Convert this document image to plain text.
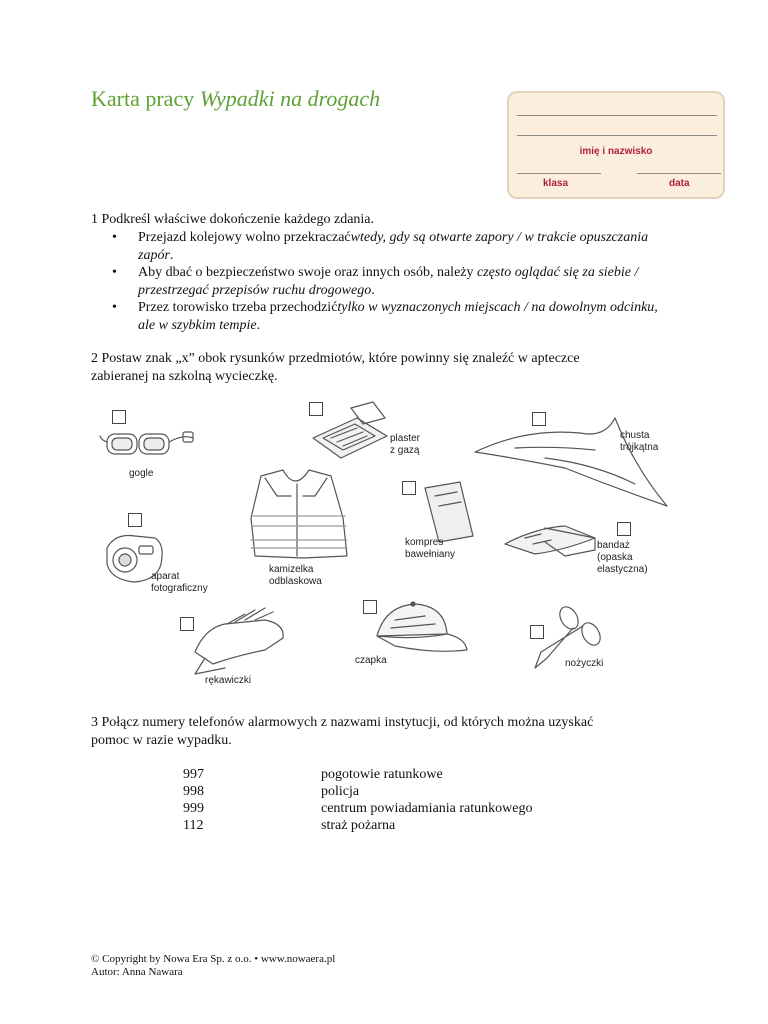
Karta pracy Wypadki na drogach
imię i nazwisko
klasa	data
1 Podkreśl właściwe dokończenie każdego zdania.
• Przejazd kolejowy wolno przekraczaćwtedy, gdy są otwarte zapory / w trakcie opuszczania zapór.
• Aby dbać o bezpieczeństwo swoje oraz innych osób, należy często oglądać się za siebie / przestrzegać przepisów ruchu drogowego.
• Przez torowisko trzeba przechodzićtylko w wyznaczonych miejscach / na dowolnym odcinku, ale w szybkim tempie.
2 Postaw znak „x” obok rysunków przedmiotów, które powinny się znaleźć w apteczce
zabieranej na szkolną wycieczkę.
gogle
plaster
z gazą
chusta
trójkątna
kompres
bawełniany
aparat
fotograficzny
kamizelka
odblaskowa
bandaż
(opaska
elastyczna)
rękawiczki
czapka	nożyczki
3 Połącz numery telefonów alarmowych z nazwami instytucji, od których można uzyskać
pomoc w razie wypadku.
997	pogotowie ratunkowe
998	policja
999	centrum powiadamiania ratunkowego
112	straż pożarna
© Copyright by Nowa Era Sp. z o.o. • www.nowaera.pl
Autor: Anna Nawara
